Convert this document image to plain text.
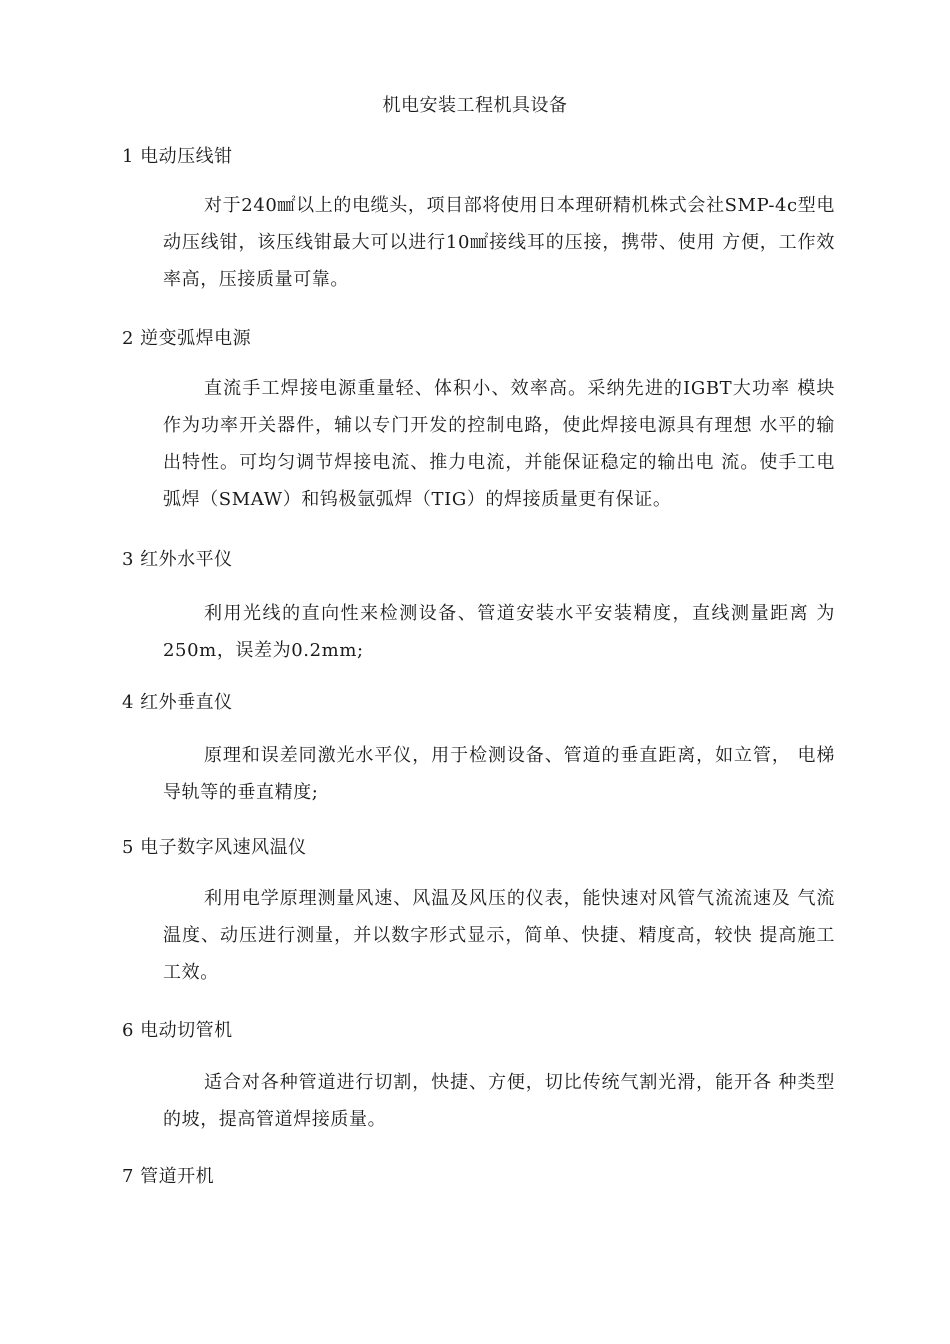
机电安装工程机具设备
1 电动压线钳
对于240㎟以上的电缆头，项目部将使用日本理研精机株式会社SMP-4c型电动压线钳，该压线钳最大可以进行10㎟接线耳的压接，携带、使用 方便，工作效率高，压接质量可靠。
2 逆变弧焊电源
直流手工焊接电源重量轻、体积小、效率高。采纳先进的IGBT大功率 模块作为功率开关器件，辅以专门开发的控制电路，使此焊接电源具有理想 水平的输出特性。可均匀调节焊接电流、推力电流，并能保证稳定的输出电 流。使手工电弧焊（SMAW）和钨极氩弧焊（TIG）的焊接质量更有保证。
3 红外水平仪
利用光线的直向性来检测设备、管道安装水平安装精度，直线测量距离 为250m，误差为0.2mm;
4 红外垂直仪
原理和误差同激光水平仪，用于检测设备、管道的垂直距离，如立管， 电梯导轨等的垂直精度;
5 电子数字风速风温仪
利用电学原理测量风速、风温及风压的仪表，能快速对风管气流流速及 气流温度、动压进行测量，并以数字形式显示，简单、快捷、精度高，较快 提高施工工效。
6 电动切管机
适合对各种管道进行切割，快捷、方便，切比传统气割光滑，能开各 种类型的坡，提高管道焊接质量。
7 管道开机
